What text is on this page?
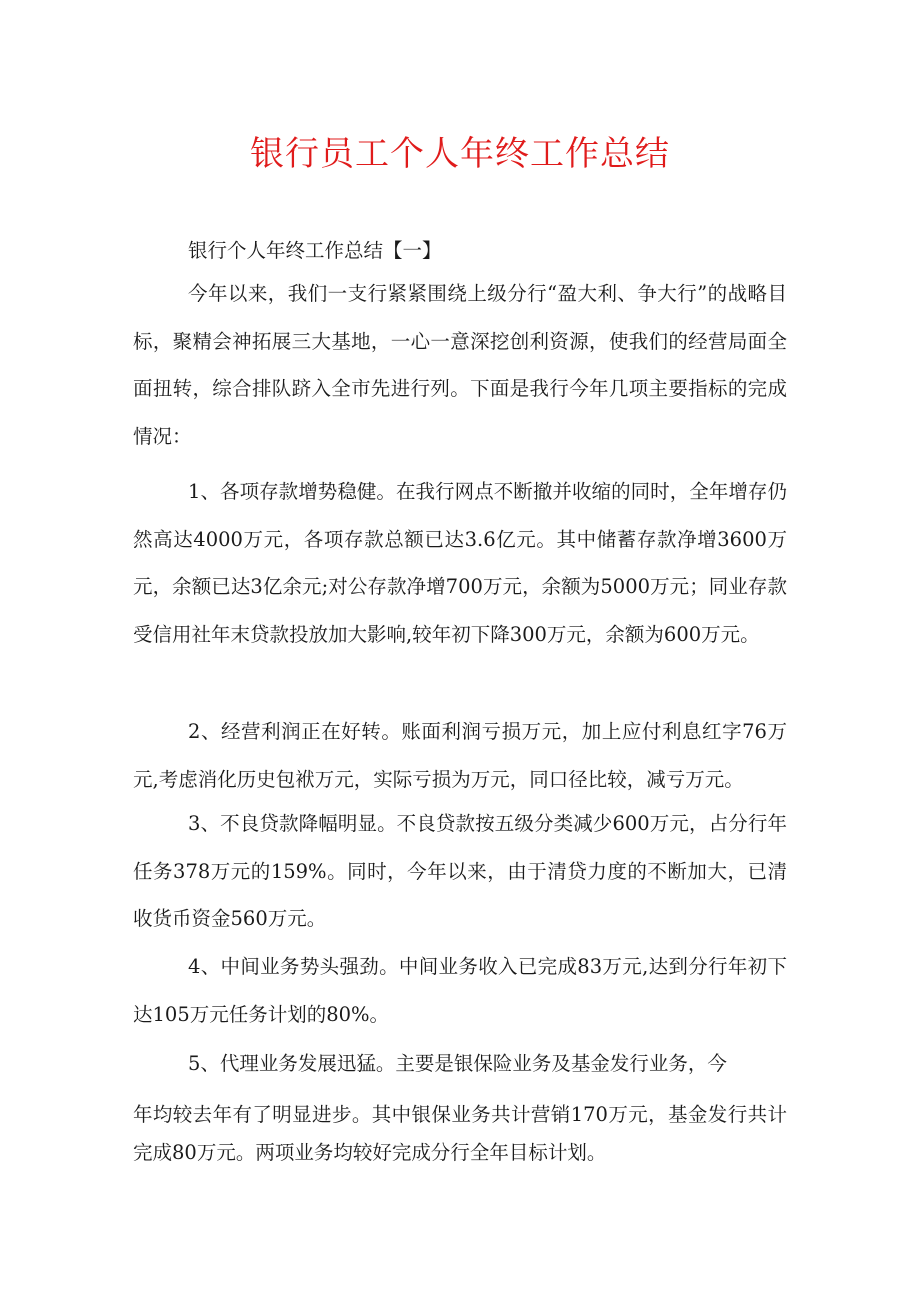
银行员工个人年终工作总结

银行个人年终工作总结【一】

今年以来，我们一支行紧紧围绕上级分行“盈大利、争大行”的战略目标，聚精会神拓展三大基地，一心一意深挖创利资源，使我们的经营局面全面扭转，综合排队跻入全市先进行列。下面是我行今年几项主要指标的完成情况：

1、各项存款增势稳健。在我行网点不断撤并收缩的同时，全年增存仍然高达4000万元，各项存款总额已达3.6亿元。其中储蓄存款净增3600万元，余额已达3亿余元;对公存款净增700万元，余额为5000万元；同业存款受信用社年末贷款投放加大影响,较年初下降300万元，余额为600万元。

2、经营利润正在好转。账面利润亏损万元，加上应付利息红字76万元,考虑消化历史包袱万元，实际亏损为万元，同口径比较，减亏万元。

3、不良贷款降幅明显。不良贷款按五级分类减少600万元，占分行年任务378万元的159%。同时，今年以来，由于清贷力度的不断加大，已清收货币资金560万元。

4、中间业务势头强劲。中间业务收入已完成83万元,达到分行年初下达105万元任务计划的80%。

5、代理业务发展迅猛。主要是银保险业务及基金发行业务，今

年均较去年有了明显进步。其中银保业务共计营销170万元，基金发行共计完成80万元。两项业务均较好完成分行全年目标计划。
